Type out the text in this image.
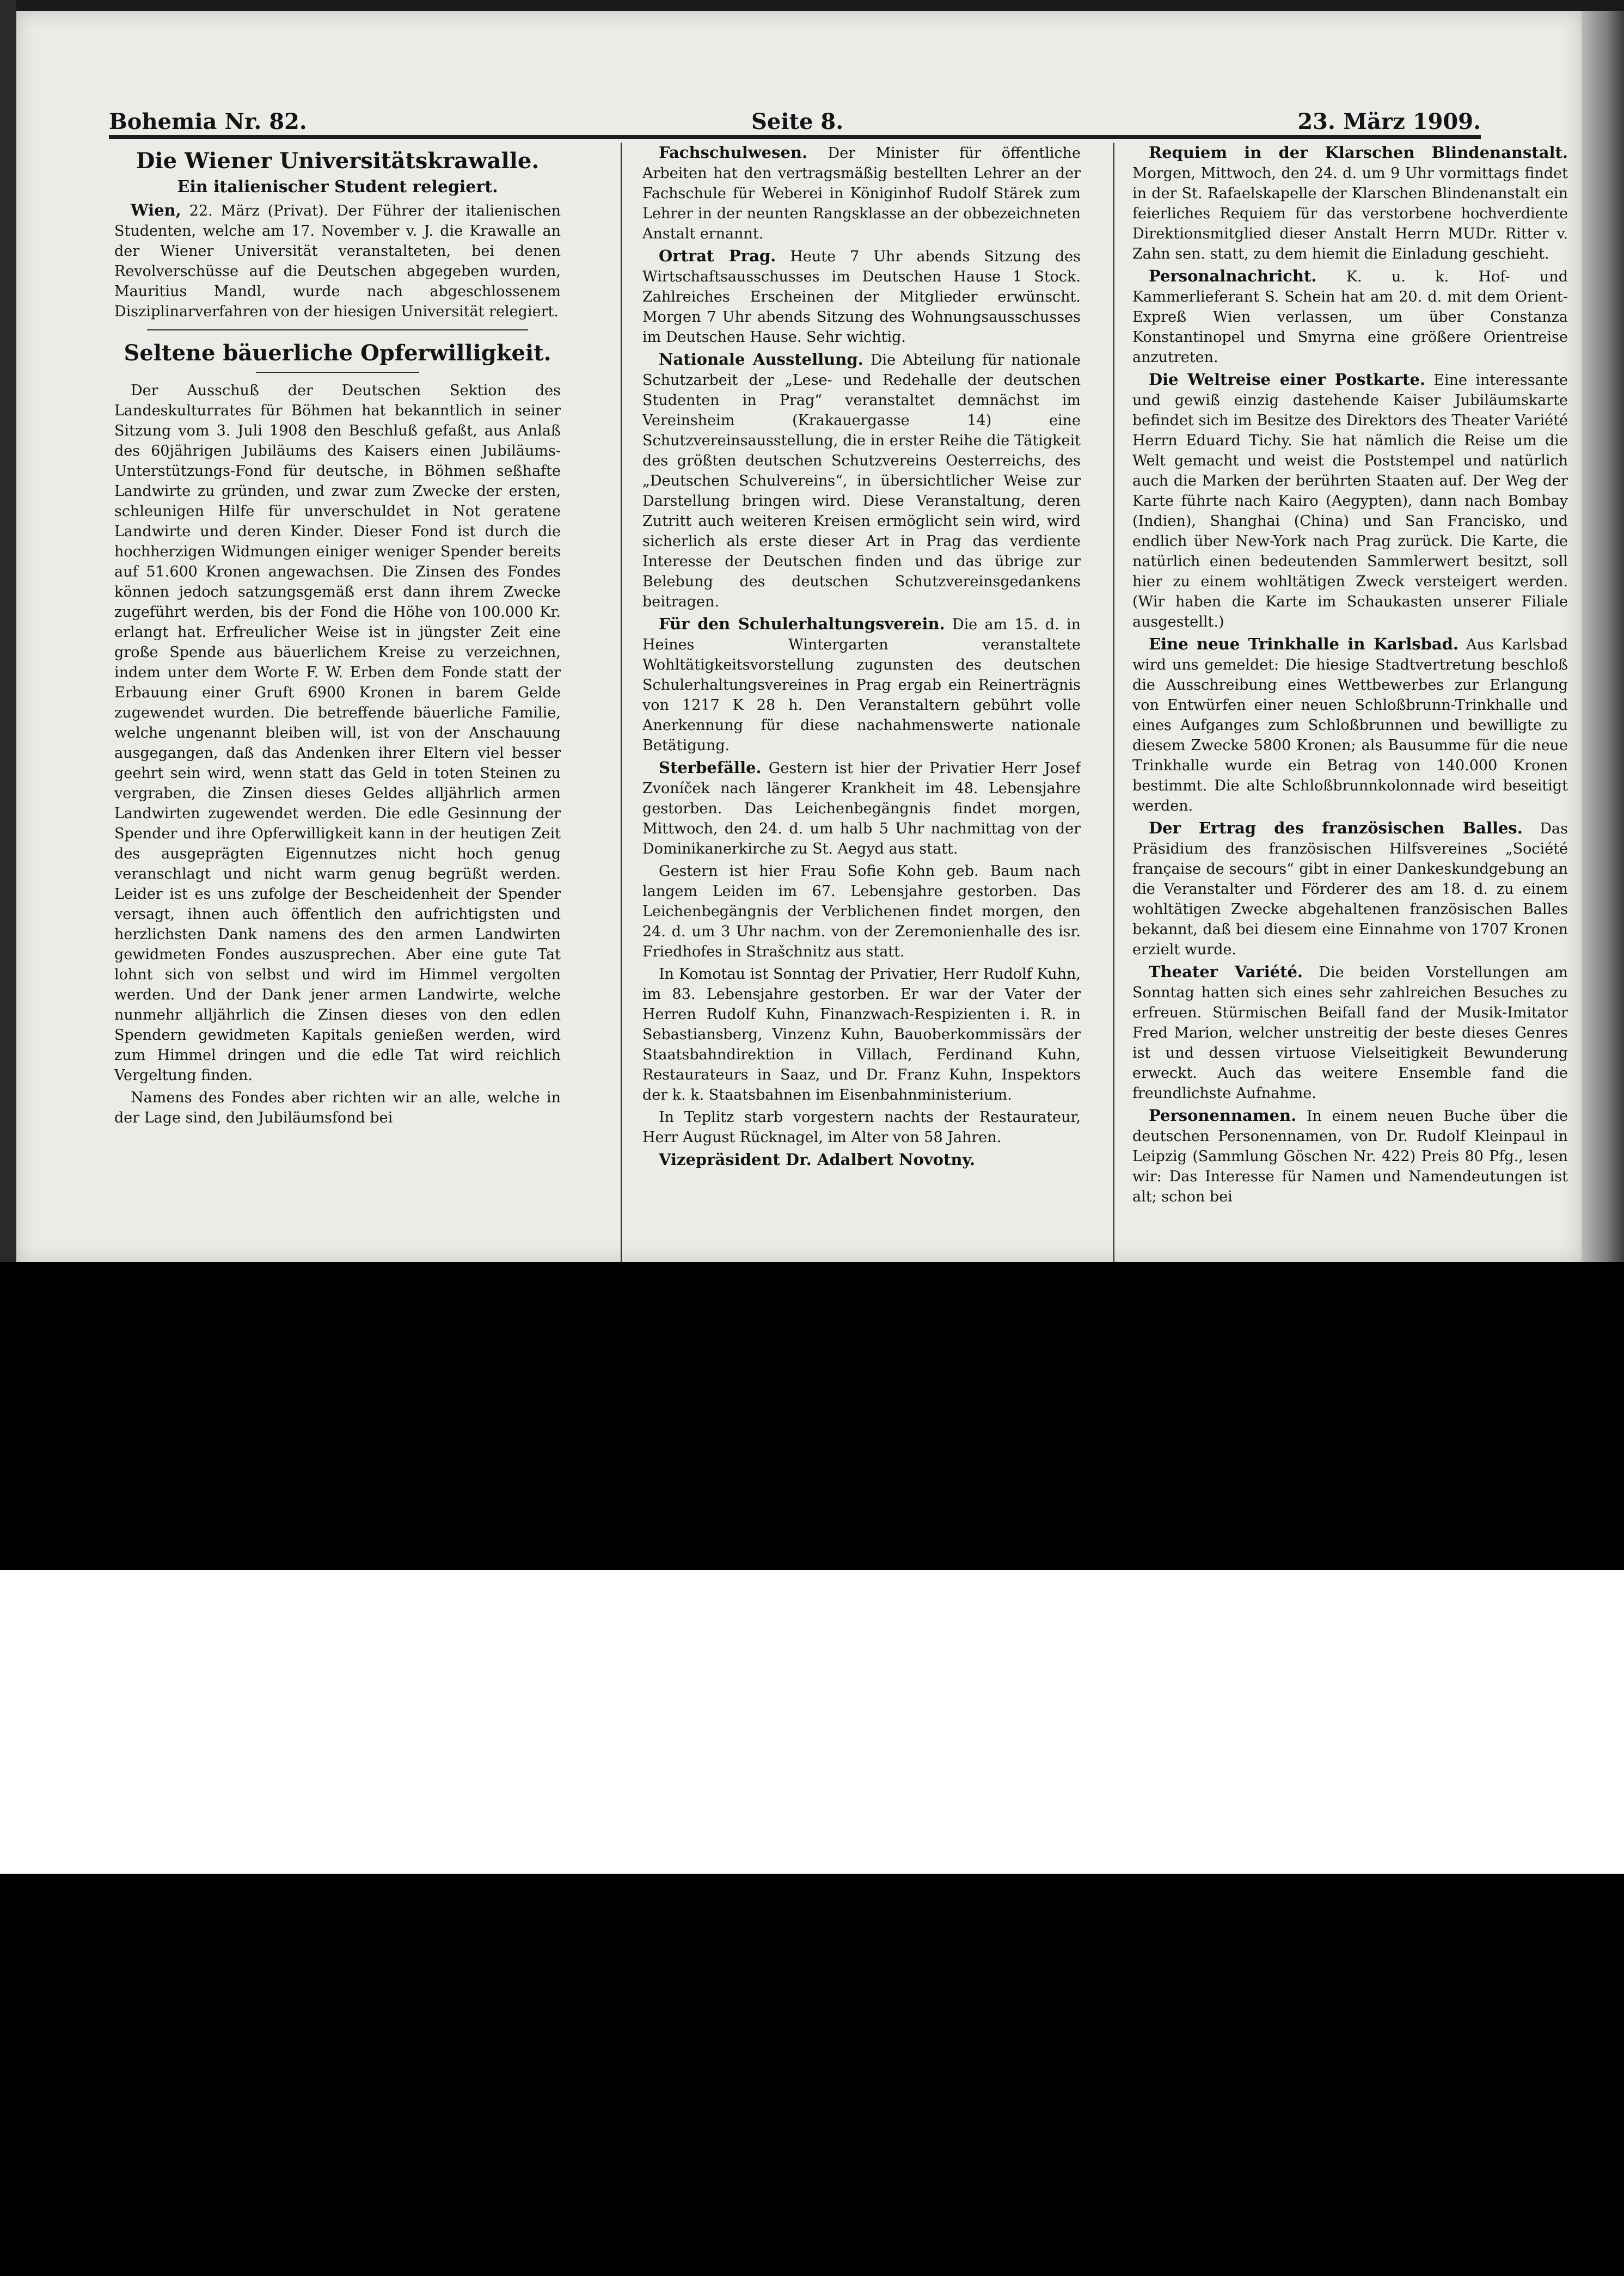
Bohemia Nr. 82.	Seite 8.	23. März 1909.
Die Wiener Universitätskrawalle.
Ein italienischer Student relegiert.

Wien, 22. März (Privat). Der Führer der italienischen Studenten, welche am 17. November v. J. die Krawalle an der Wiener Universität veranstalteten, bei denen Revolverschüsse auf die Deutschen abgegeben wurden, Mauritius Mandl, wurde nach abgeschlossenem Disziplinarverfahren von der hiesigen Universität relegiert.

Seltene bäuerliche Opferwilligkeit.

Der Ausschuß der Deutschen Sektion des Landeskulturrates für Böhmen hat bekanntlich in seiner Sitzung vom 3. Juli 1908 den Beschluß gefaßt, aus Anlaß des 60jährigen Jubiläums des Kaisers einen Jubiläums-Unterstützungs-Fond für deutsche, in Böhmen seßhafte Landwirte zu gründen, und zwar zum Zwecke der ersten, schleunigen Hilfe für unverschuldet in Not geratene Landwirte und deren Kinder. Dieser Fond ist durch die hochherzigen Widmungen einiger weniger Spender bereits auf 51.600 Kronen angewachsen. Die Zinsen des Fondes können jedoch satzungsgemäß erst dann ihrem Zwecke zugeführt werden, bis der Fond die Höhe von 100.000 Kr. erlangt hat. Erfreulicher Weise ist in jüngster Zeit eine große Spende aus bäuerlichem Kreise zu verzeichnen, indem unter dem Worte F. W. Erben dem Fonde statt der Erbauung einer Gruft 6900 Kronen in barem Gelde zugewendet wurden. Die betreffende bäuerliche Familie, welche ungenannt bleiben will, ist von der Anschauung ausgegangen, daß das Andenken ihrer Eltern viel besser geehrt sein wird, wenn statt das Geld in toten Steinen zu vergraben, die Zinsen dieses Geldes alljährlich armen Landwirten zugewendet werden. Die edle Gesinnung der Spender und ihre Opferwilligkeit kann in der heutigen Zeit des ausgeprägten Eigennutzes nicht hoch genug veranschlagt und nicht warm genug begrüßt werden. Leider ist es uns zufolge der Bescheidenheit der Spender versagt, ihnen auch öffentlich den aufrichtigsten und herzlichsten Dank namens des den armen Landwirten gewidmeten Fondes auszusprechen. Aber eine gute Tat lohnt sich von selbst und wird im Himmel vergolten werden. Und der Dank jener armen Landwirte, welche nunmehr alljährlich die Zinsen dieses von den edlen Spendern gewidmeten Kapitals genießen werden, wird zum Himmel dringen und die edle Tat wird reichlich Vergeltung finden.

Namens des Fondes aber richten wir an alle, welche in der Lage sind, den Jubiläumsfond bei

Fachschulwesen. Der Minister für öffentliche Arbeiten hat den vertragsmäßig bestellten Lehrer an der Fachschule für Weberei in Königinhof Rudolf Stärek zum Lehrer in der neunten Rangsklasse an der obbezeichneten Anstalt ernannt.

Ortrat Prag. Heute 7 Uhr abends Sitzung des Wirtschaftsausschusses im Deutschen Hause 1 Stock. Zahlreiches Erscheinen der Mitglieder erwünscht. Morgen 7 Uhr abends Sitzung des Wohnungsausschusses im Deutschen Hause. Sehr wichtig.

Nationale Ausstellung. Die Abteilung für nationale Schutzarbeit der „Lese- und Redehalle der deutschen Studenten in Prag“ veranstaltet demnächst im Vereinsheim (Krakauergasse 14) eine Schutzvereinsausstellung, die in erster Reihe die Tätigkeit des größten deutschen Schutzvereins Oesterreichs, des „Deutschen Schulvereins“, in übersichtlicher Weise zur Darstellung bringen wird. Diese Veranstaltung, deren Zutritt auch weiteren Kreisen ermöglicht sein wird, wird sicherlich als erste dieser Art in Prag das verdiente Interesse der Deutschen finden und das übrige zur Belebung des deutschen Schutzvereinsgedankens beitragen.

Für den Schulerhaltungsverein. Die am 15. d. in Heines Wintergarten veranstaltete Wohltätigkeitsvorstellung zugunsten des deutschen Schulerhaltungsvereines in Prag ergab ein Reinerträgnis von 1217 K 28 h. Den Veranstaltern gebührt volle Anerkennung für diese nachahmenswerte nationale Betätigung.

Sterbefälle. Gestern ist hier der Privatier Herr Josef Zvoníček nach längerer Krankheit im 48. Lebensjahre gestorben. Das Leichenbegängnis findet morgen, Mittwoch, den 24. d. um halb 5 Uhr nachmittag von der Dominikanerkirche zu St. Aegyd aus statt.

Gestern ist hier Frau Sofie Kohn geb. Baum nach langem Leiden im 67. Lebensjahre gestorben. Das Leichenbegängnis der Verblichenen findet morgen, den 24. d. um 3 Uhr nachm. von der Zeremonienhalle des isr. Friedhofes in Strašchnitz aus statt.

In Komotau ist Sonntag der Privatier, Herr Rudolf Kuhn, im 83. Lebensjahre gestorben. Er war der Vater der Herren Rudolf Kuhn, Finanzwach-Respizienten i. R. in Sebastiansberg, Vinzenz Kuhn, Bauoberkommissärs der Staatsbahndirektion in Villach, Ferdinand Kuhn, Restaurateurs in Saaz, und Dr. Franz Kuhn, Inspektors der k. k. Staatsbahnen im Eisenbahnministerium.

In Teplitz starb vorgestern nachts der Restaurateur, Herr August Rücknagel, im Alter von 58 Jahren.

Vizepräsident Dr. Adalbert Novotny.

Requiem in der Klarschen Blindenanstalt. Morgen, Mittwoch, den 24. d. um 9 Uhr vormittags findet in der St. Rafaelskapelle der Klarschen Blindenanstalt ein feierliches Requiem für das verstorbene hochverdiente Direktionsmitglied dieser Anstalt Herrn MUDr. Ritter v. Zahn sen. statt, zu dem hiemit die Einladung geschieht.

Personalnachricht. K. u. k. Hof- und Kammerlieferant S. Schein hat am 20. d. mit dem Orient-Expreß Wien verlassen, um über Constanza Konstantinopel und Smyrna eine größere Orientreise anzutreten.

Die Weltreise einer Postkarte. Eine interessante und gewiß einzig dastehende Kaiser Jubiläumskarte befindet sich im Besitze des Direktors des Theater Variété Herrn Eduard Tichy. Sie hat nämlich die Reise um die Welt gemacht und weist die Poststempel und natürlich auch die Marken der berührten Staaten auf. Der Weg der Karte führte nach Kairo (Aegypten), dann nach Bombay (Indien), Shanghai (China) und San Francisko, und endlich über New-York nach Prag zurück. Die Karte, die natürlich einen bedeutenden Sammlerwert besitzt, soll hier zu einem wohltätigen Zweck versteigert werden. (Wir haben die Karte im Schaukasten unserer Filiale ausgestellt.)

Eine neue Trinkhalle in Karlsbad. Aus Karlsbad wird uns gemeldet: Die hiesige Stadtvertretung beschloß die Ausschreibung eines Wettbewerbes zur Erlangung von Entwürfen einer neuen Schloßbrunn-Trinkhalle und eines Aufganges zum Schloßbrunnen und bewilligte zu diesem Zwecke 5800 Kronen; als Bausumme für die neue Trinkhalle wurde ein Betrag von 140.000 Kronen bestimmt. Die alte Schloßbrunnkolonnade wird beseitigt werden.

Der Ertrag des französischen Balles. Das Präsidium des französischen Hilfsvereines „Société française de secours“ gibt in einer Dankeskundgebung an die Veranstalter und Förderer des am 18. d. zu einem wohltätigen Zwecke abgehaltenen französischen Balles bekannt, daß bei diesem eine Einnahme von 1707 Kronen erzielt wurde.

Theater Variété. Die beiden Vorstellungen am Sonntag hatten sich eines sehr zahlreichen Besuches zu erfreuen. Stürmischen Beifall fand der Musik-Imitator Fred Marion, welcher unstreitig der beste dieses Genres ist und dessen virtuose Vielseitigkeit Bewunderung erweckt. Auch das weitere Ensemble fand die freundlichste Aufnahme.

Personennamen. In einem neuen Buche über die deutschen Personennamen, von Dr. Rudolf Kleinpaul in Leipzig (Sammlung Göschen Nr. 422) Preis 80 Pfg., lesen wir: Das Interesse für Namen und Namendeutungen ist alt; schon bei
